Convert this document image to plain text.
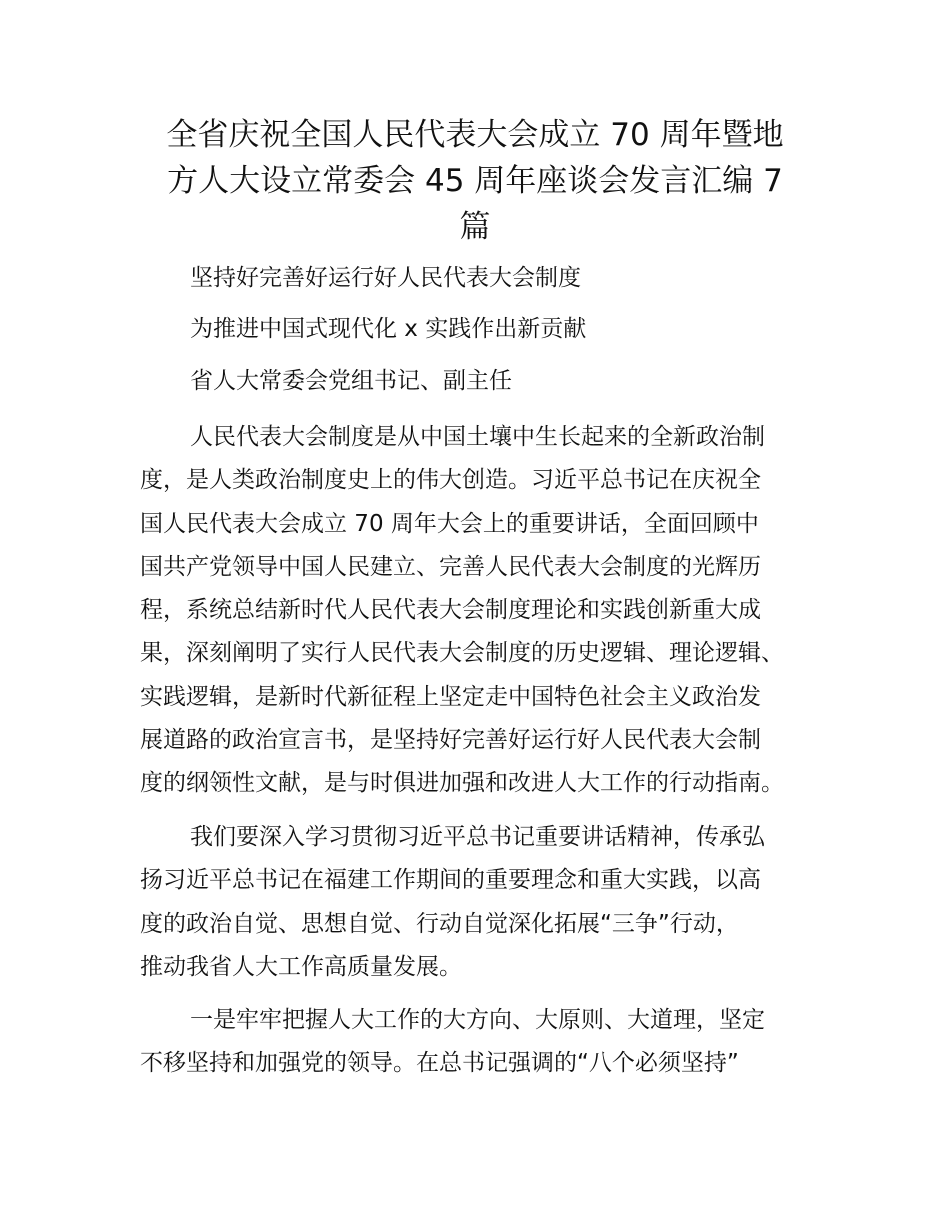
全省庆祝全国人民代表大会成立 70 周年暨地
方人大设立常委会 45 周年座谈会发言汇编 7
篇

坚持好完善好运行好人民代表大会制度

为推进中国式现代化 x 实践作出新贡献

省人大常委会党组书记、副主任

人民代表大会制度是从中国土壤中生长起来的全新政治制
度，是人类政治制度史上的伟大创造。习近平总书记在庆祝全
国人民代表大会成立 70 周年大会上的重要讲话，全面回顾中
国共产党领导中国人民建立、完善人民代表大会制度的光辉历
程，系统总结新时代人民代表大会制度理论和实践创新重大成
果，深刻阐明了实行人民代表大会制度的历史逻辑、理论逻辑、
实践逻辑，是新时代新征程上坚定走中国特色社会主义政治发
展道路的政治宣言书，是坚持好完善好运行好人民代表大会制
度的纲领性文献，是与时俱进加强和改进人大工作的行动指南。

我们要深入学习贯彻习近平总书记重要讲话精神，传承弘
扬习近平总书记在福建工作期间的重要理念和重大实践，以高
度的政治自觉、思想自觉、行动自觉深化拓展“三争”行动，
推动我省人大工作高质量发展。

一是牢牢把握人大工作的大方向、大原则、大道理，坚定
不移坚持和加强党的领导。在总书记强调的“八个必须坚持”
